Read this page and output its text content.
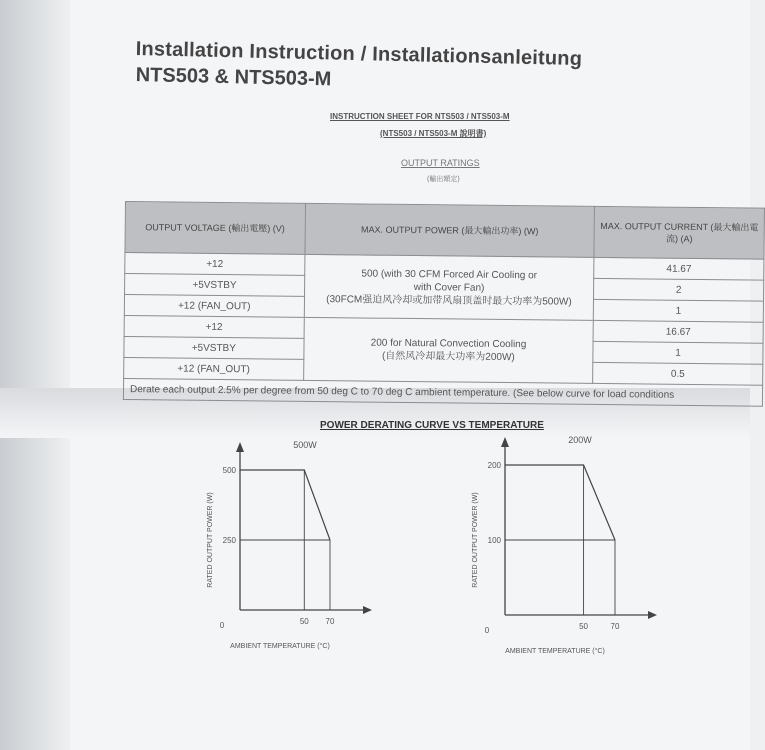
Installation Instruction / Installationsanleitung
NTS503 & NTS503-M
INSTRUCTION SHEET FOR NTS503 / NTS503-M
(NTS503 / NTS503-M 說明書)
OUTPUT RATINGS
(輸出額定)
OUTPUT VOLTAGE (輸出電壓) (V)	MAX. OUTPUT POWER (最大輸出功率) (W)	MAX. OUTPUT CURRENT (最大輸出電流) (A)
+12	500 (with 30 CFM Forced Air Cooling or
with Cover Fan)
(30FCM强迫风冷却或加带风扇顶盖时最大功率为500W)	41.67
+5VSTBY		2
+12 (FAN_OUT)		1
+12	200 for Natural Convection Cooling
(自然风冷却最大功率为200W)	16.67
+5VSTBY		1
+12 (FAN_OUT)		0.5
Derate each output 2.5% per degree from 50 deg C to 70 deg C ambient temperature. (See below curve for load conditions		
POWER DERATING CURVE VS TEMPERATURE
0	50 70
500
250
500W
AMBIENT TEMPERATURE (°C)
RATED OUTPUT POWER (W)
0	50	70
200
100
200W
AMBIENT TEMPERATURE (°C)
RATED OUTPUT POWER (W)
